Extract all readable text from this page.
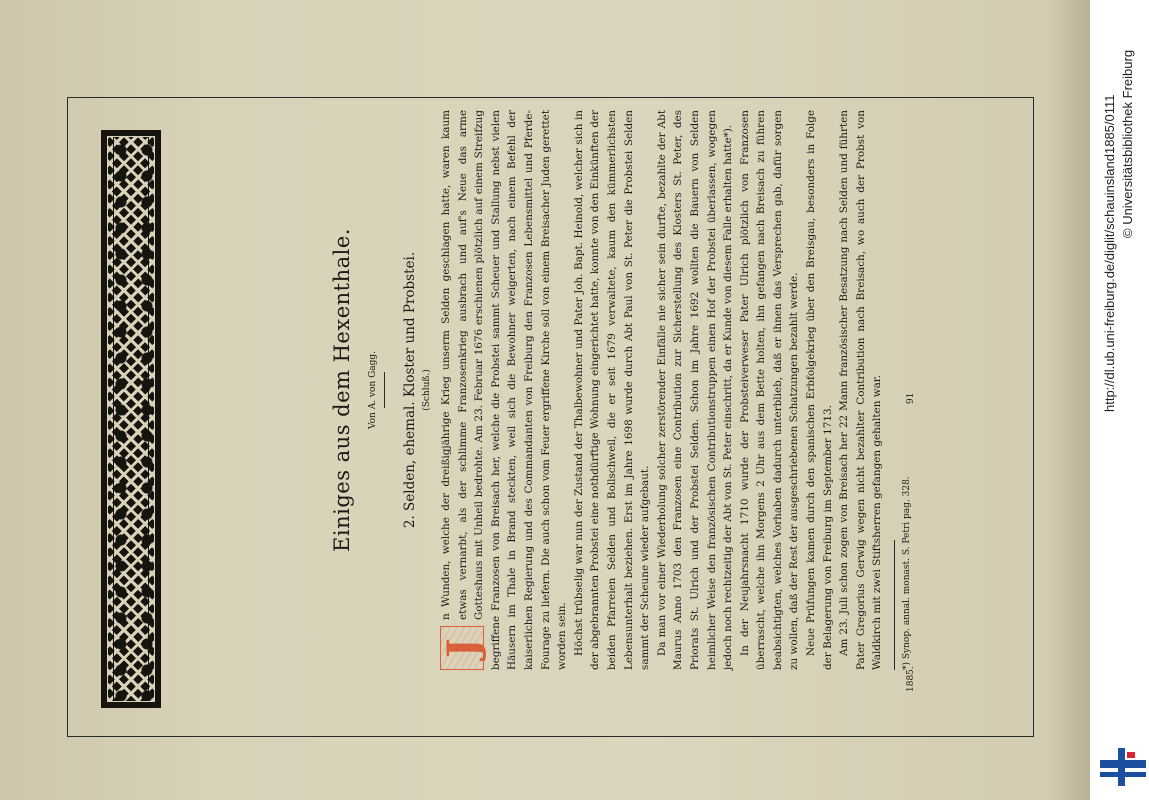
Einiges aus dem Hexenthale. Von A. von Gagg. 2. Selden, ehemal. Kloster und Probstei. (Schluß.)

J
n Wunden, welche der dreißigjährige Krieg unserm Selden geschlagen hatte, waren kaum etwas vernarbt, als der schlimme Franzosenkrieg ausbrach und auf's Neue das arme Gotteshaus mit Unheil bedrohte. Am 23. Februar 1676 erschienen plötzlich auf einem Streifzug begriffene Franzosen von Breisach her, welche die Probstei sammt Scheuer und Stallung nebst vielen Häusern im Thale in Brand steckten, weil sich die Bewohner weigerten, nach einem Befehl der kaiserlichen Regierung und des Commandanten von Freiburg den Franzosen Lebensmittel und Pferde-Fourage zu liefern. Die auch schon vom Feuer ergriffene Kirche soll von einem Breisacher Juden gerettet worden sein. Höchst trübselig war nun der Zustand der Thalbewohner und Pater Joh. Bapt. Heinold, welcher sich in der abgebrannten Probstei eine nothdürftige Wohnung eingerichtet hatte, konnte von den Einkünften der beiden Pfarreien Selden und Bollschweil, die er seit 1679 verwaltete, kaum den kümmerlichsten Lebensunterhalt beziehen. Erst im Jahre 1698 wurde durch Abt Paul von St. Peter die Probstei Selden sammt der Scheune wieder aufgebaut. Da man vor einer Wiederholung solcher zerstörender Einfälle nie sicher sein durfte, bezahlte der Abt Maurus Anno 1703 den Franzosen eine Contribution zur Sicherstellung des Klosters St. Peter, des Priorats St. Ulrich und der Probstei Selden. Schon im Jahre 1692 wollten die Bauern von Selden heimlicher Weise den französischen Contributionstruppen einen Hof der Probstei überlassen, wogegen jedoch noch rechtzeitig der Abt von St. Peter einschritt, da er Kunde von diesem Falle erhalten hatte*). In der Neujahrsnacht 1710 wurde der Probsteiverweser Pater Ulrich plötzlich von Franzosen überrascht, welche ihn Morgens 2 Uhr aus dem Bette holten, ihn gefangen nach Breisach zu führen beabsichtigten, welches Vorhaben dadurch unterblieb, daß er ihnen das Versprechen gab, dafür sorgen zu wollen, daß der Rest der ausgeschriebenen Schatzungen bezahlt werde. Neue Prüfungen kamen durch den spanischen Erbfolgekrieg über den Breisgau, besonders in Folge der Belagerung von Freiburg im September 1713. Am 23. Juli schon zogen von Breisach her 22 Mann französischer Besatzung nach Selden und führten Pater Gregorius Gerwig wegen nicht bezahlter Contribution nach Breisach, wo auch der Probst von Waldkirch mit zwei Stiftsherren gefangen gehalten war.	*) Synop. annal. monast. S. Petri pag. 328.
1885.
91	http://dl.ub.uni-freiburg.de/diglit/schauinsland1885/0111 © Universitätsbibliothek Freiburg
